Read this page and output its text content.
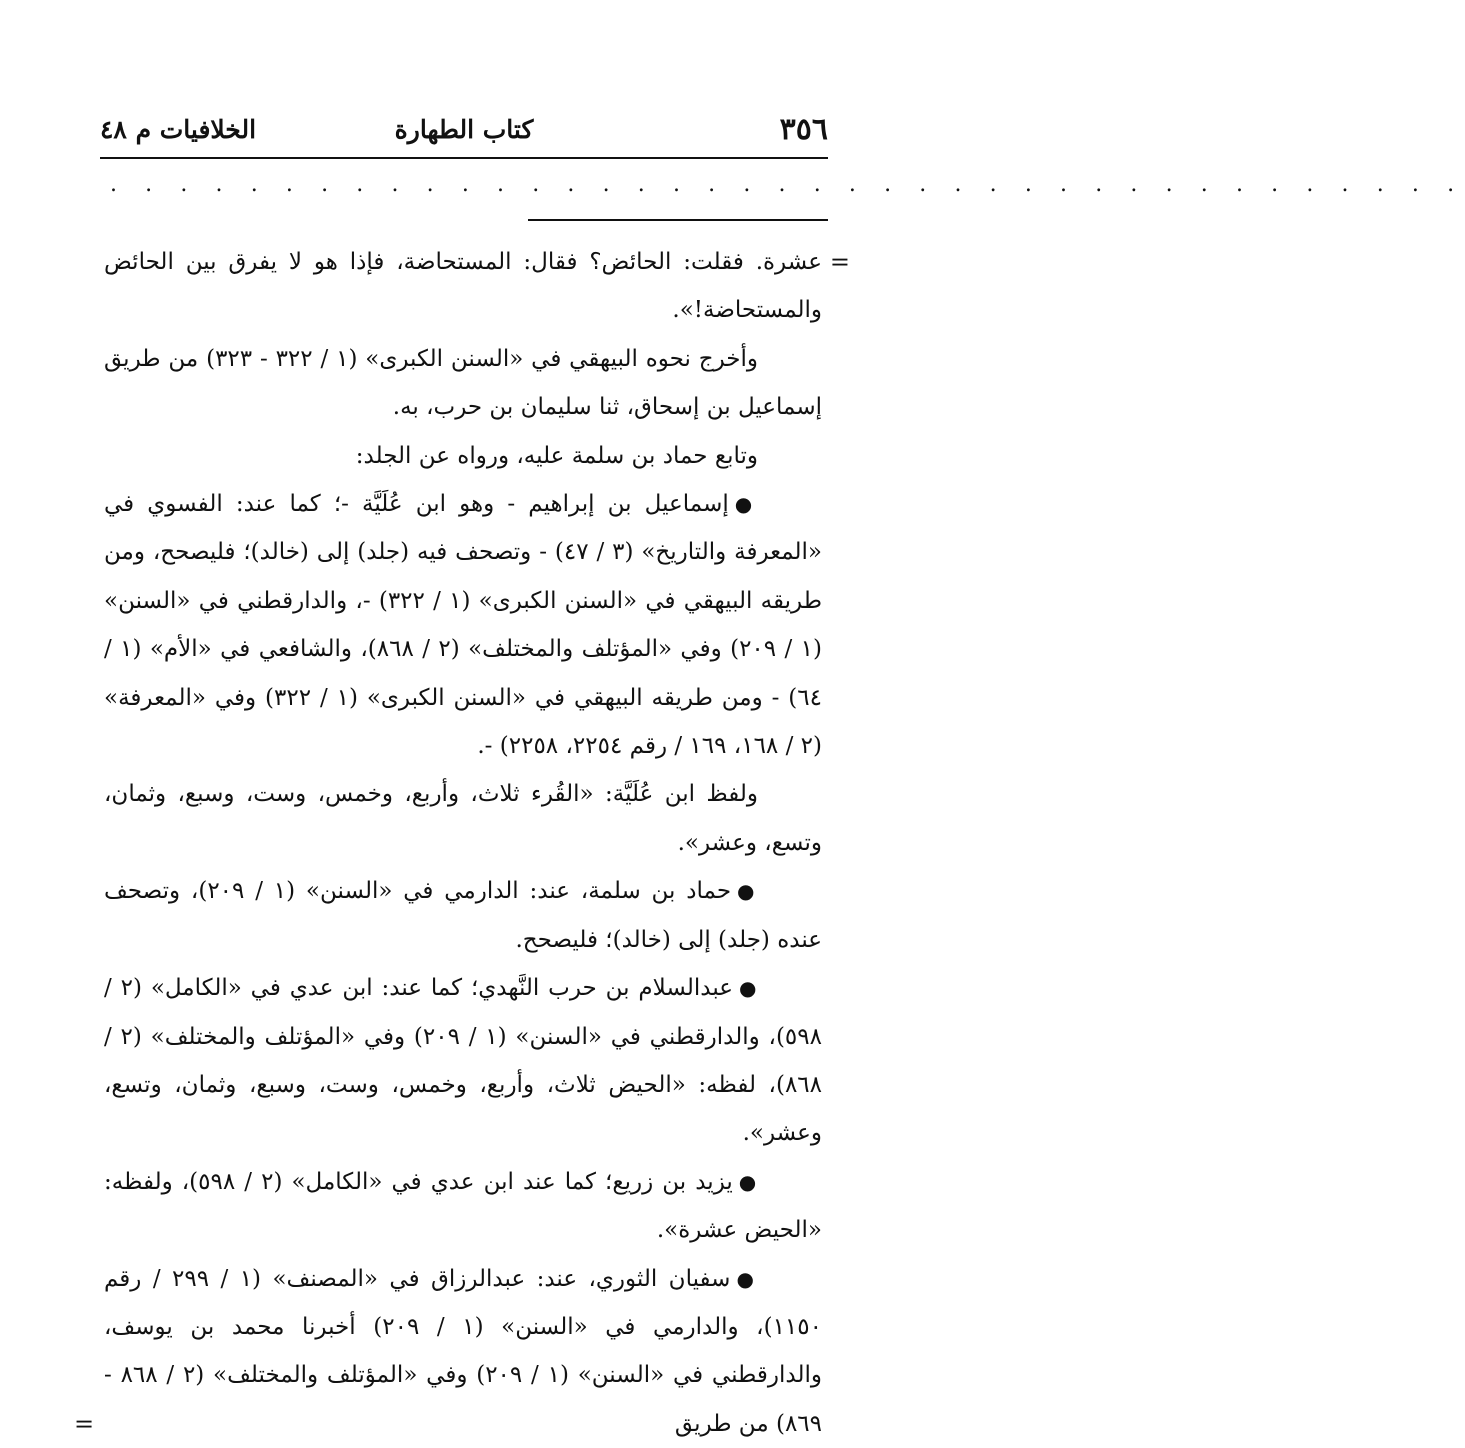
٣٥٦
كتاب الطهارة
الخلافيات م ٤٨
. . . . . . . . . . . . . . . . . . . . . . . . . . . . . . . . . . . . . . .

=
عشرة. فقلت: الحائض؟ فقال: المستحاضة، فإذا هو لا يفرق بين الحائض والمستحاضة!».

وأخرج نحوه البيهقي في «السنن الكبرى» (١ / ٣٢٢ - ٣٢٣) من طريق إسماعيل بن إسحاق، ثنا سليمان بن حرب، به.

وتابع حماد بن سلمة عليه، ورواه عن الجلد:

● إسماعيل بن إبراهيم - وهو ابن عُلَيَّة -؛ كما عند: الفسوي في «المعرفة والتاريخ» (٣ / ٤٧) - وتصحف فيه (جلد) إلى (خالد)؛ فليصحح، ومن طريقه البيهقي في «السنن الكبرى» (١ / ٣٢٢) -، والدارقطني في «السنن» (١ / ٢٠٩) وفي «المؤتلف والمختلف» (٢ / ٨٦٨)، والشافعي في «الأم» (١ / ٦٤) - ومن طريقه البيهقي في «السنن الكبرى» (١ / ٣٢٢) وفي «المعرفة» (٢ / ١٦٨، ١٦٩ / رقم ٢٢٥٤، ٢٢٥٨) -.

ولفظ ابن عُلَيَّة: «القُرء ثلاث، وأربع، وخمس، وست، وسبع، وثمان، وتسع، وعشر».

● حماد بن سلمة، عند: الدارمي في «السنن» (١ / ٢٠٩)، وتصحف عنده (جلد) إلى (خالد)؛ فليصحح.

● عبدالسلام بن حرب النَّهدي؛ كما عند: ابن عدي في «الكامل» (٢ / ٥٩٨)، والدارقطني في «السنن» (١ / ٢٠٩) وفي «المؤتلف والمختلف» (٢ / ٨٦٨)، لفظه: «الحيض ثلاث، وأربع، وخمس، وست، وسبع، وثمان، وتسع، وعشر».

● يزيد بن زريع؛ كما عند ابن عدي في «الكامل» (٢ / ٥٩٨)، ولفظه: «الحيض عشرة».

● سفيان الثوري، عند: عبدالرزاق في «المصنف» (١ / ٢٩٩ / رقم ١١٥٠)، والدارمي في «السنن» (١ / ٢٠٩) أخبرنا محمد بن يوسف، والدارقطني في «السنن» (١ / ٢٠٩) وفي «المؤتلف والمختلف» (٢ / ٨٦٨ - ٨٦٩) من طريق
=
